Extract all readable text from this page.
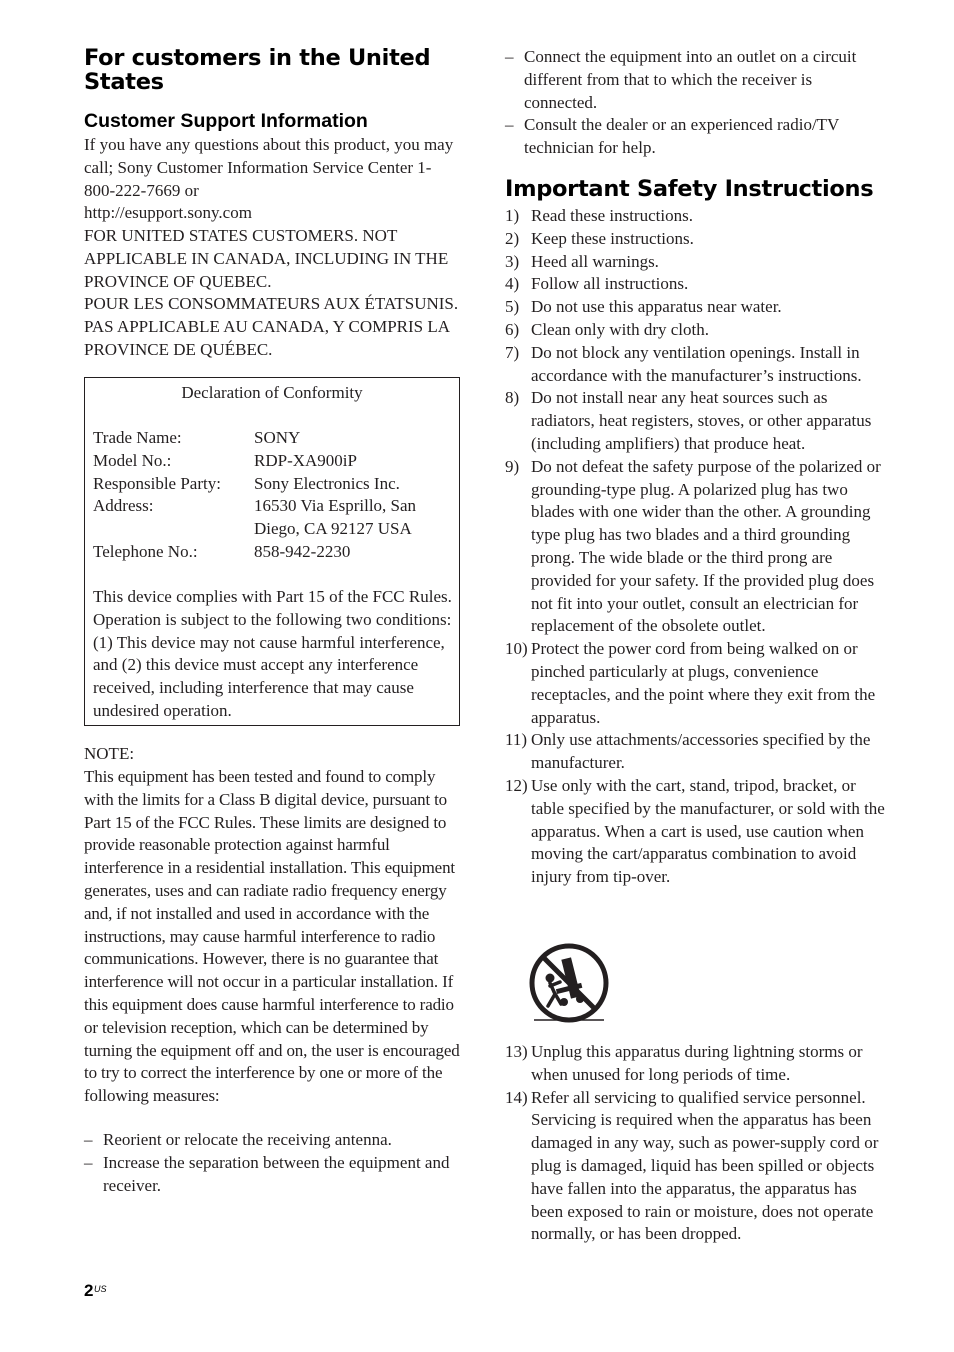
For customers in the United States
Customer Support Information

If you have any questions about this product, you may call; Sony Customer Information Service Center 1-800-222-7669 or

http://esupport.sony.com

FOR UNITED STATES CUSTOMERS. NOT APPLICABLE IN CANADA, INCLUDING IN THE PROVINCE OF QUEBEC.

POUR LES CONSOMMATEURS AUX ÉTATSUNIS. PAS APPLICABLE AU CANADA, Y COMPRIS LA PROVINCE DE QUÉBEC.

Declaration of Conformity
Trade Name:	SONY
Model No.:	RDP-XA900iP
Responsible Party:	Sony Electronics Inc.
Address:	16530 Via Esprillo, San Diego, CA 92127 USA
Telephone No.:	858-942-2230
This device complies with Part 15 of the FCC Rules. Operation is subject to the following two conditions: (1) This device may not cause harmful interference, and (2) this device must accept any interference received, including interference that may cause undesired operation.

NOTE:

This equipment has been tested and found to comply with the limits for a Class B digital device, pursuant to Part 15 of the FCC Rules. These limits are designed to provide reasonable protection against harmful interference in a residential installation. This equipment generates, uses and can radiate radio frequency energy and, if not installed and used in accordance with the instructions, may cause harmful interference to radio communications. However, there is no guarantee that interference will not occur in a particular installation. If this equipment does cause harmful interference to radio or television reception, which can be determined by turning the equipment off and on, the user is encouraged to try to correct the interference by one or more of the following measures:

– Reorient or relocate the receiving antenna.
– Increase the separation between the equipment and receiver.
– Connect the equipment into an outlet on a circuit different from that to which the receiver is connected.
– Consult the dealer or an experienced radio/TV technician for help.
Important Safety Instructions
1) Read these instructions.
2) Keep these instructions.
3) Heed all warnings.
4) Follow all instructions.
5) Do not use this apparatus near water.
6) Clean only with dry cloth.
7) Do not block any ventilation openings. Install in accordance with the manufacturer’s instructions.
8) Do not install near any heat sources such as radiators, heat registers, stoves, or other apparatus (including amplifiers) that produce heat.
9) Do not defeat the safety purpose of the polarized or grounding-type plug. A polarized plug has two blades with one wider than the other. A grounding type plug has two blades and a third grounding prong. The wide blade or the third prong are provided for your safety. If the provided plug does not fit into your outlet, consult an electrician for replacement of the obsolete outlet.
10) Protect the power cord from being walked on or pinched particularly at plugs, convenience receptacles, and the point where they exit from the apparatus.
11) Only use attachments/accessories specified by the manufacturer.
12) Use only with the cart, stand, tripod, bracket, or table specified by the manufacturer, or sold with the apparatus. When a cart is used, use caution when moving the cart/apparatus combination to avoid injury from tip-over.
13) Unplug this apparatus during lightning storms or when unused for long periods of time.
14) Refer all servicing to qualified service personnel. Servicing is required when the apparatus has been damaged in any way, such as power-supply cord or plug is damaged, liquid has been spilled or objects have fallen into the apparatus, the apparatus has been exposed to rain or moisture, does not operate normally, or has been dropped.
2 US
